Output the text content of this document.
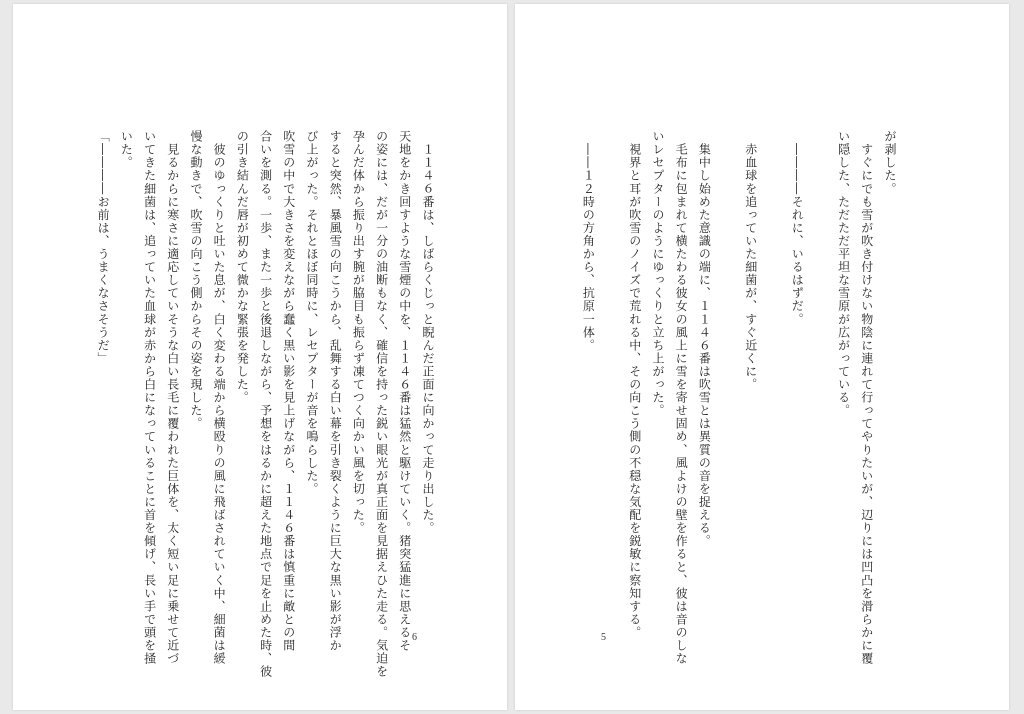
　１１４６番は、しばらくじっと睨んだ正面に向かって走り出した。
天地をかき回すような雪煙の中を、１１４６番は猛然と駆けていく。猪突猛進に思えるそ
の姿には、だが一分の油断もなく、確信を持った鋭い眼光が真正面を見据えひた走る。気迫を
孕んだ体から振り出す腕が脇目も振らず凍てつく向かい風を切った。
すると突然、暴風雪の向こうから、乱舞する白い幕を引き裂くように巨大な黒い影が浮か
び上がった。それとほぼ同時に、レセプターが音を鳴らした。
吹雪の中で大きさを変えながら蠢く黒い影を見上げながら、１１４６番は慎重に敵との間
合いを測る。一歩、また一歩と後退しながら、予想をはるかに超えた地点で足を止めた時、彼
の引き結んだ唇が初めて微かな緊張を発した。
　彼のゆっくりと吐いた息が、白く変わる端から横殴りの風に飛ばされていく中、細菌は緩
慢な動きで、吹雪の向こう側からその姿を現した。
　見るからに寒さに適応していそうな白い長毛に覆われた巨体を、太く短い足に乗せて近づ
いてきた細菌は、追っていた血球が赤から白になっていることに首を傾げ、長い手で頭を掻
いた。
「――――お前は、うまくなさそうだ」
6
が剥した。
　すぐにでも雪が吹き付けない物陰に連れて行ってやりたいが、辺りには凹凸を滑らかに覆
い隠した、ただただ平坦な雪原が広がっている。
　――――それに、いるはずだ。
　赤血球を追っていた細菌が、すぐ近くに。
　集中し始めた意識の端に、１１４６番は吹雪とは異質の音を捉える。
　毛布に包まれて横たわる彼女の風上に雪を寄せ固め、風よけの壁を作ると、彼は音のしな
いレセプターのようにゆっくりと立ち上がった。
　視界と耳が吹雪のノイズで荒れる中、その向こう側の不穏な気配を鋭敏に察知する。
　――１２時の方角から、抗原一体。
5
